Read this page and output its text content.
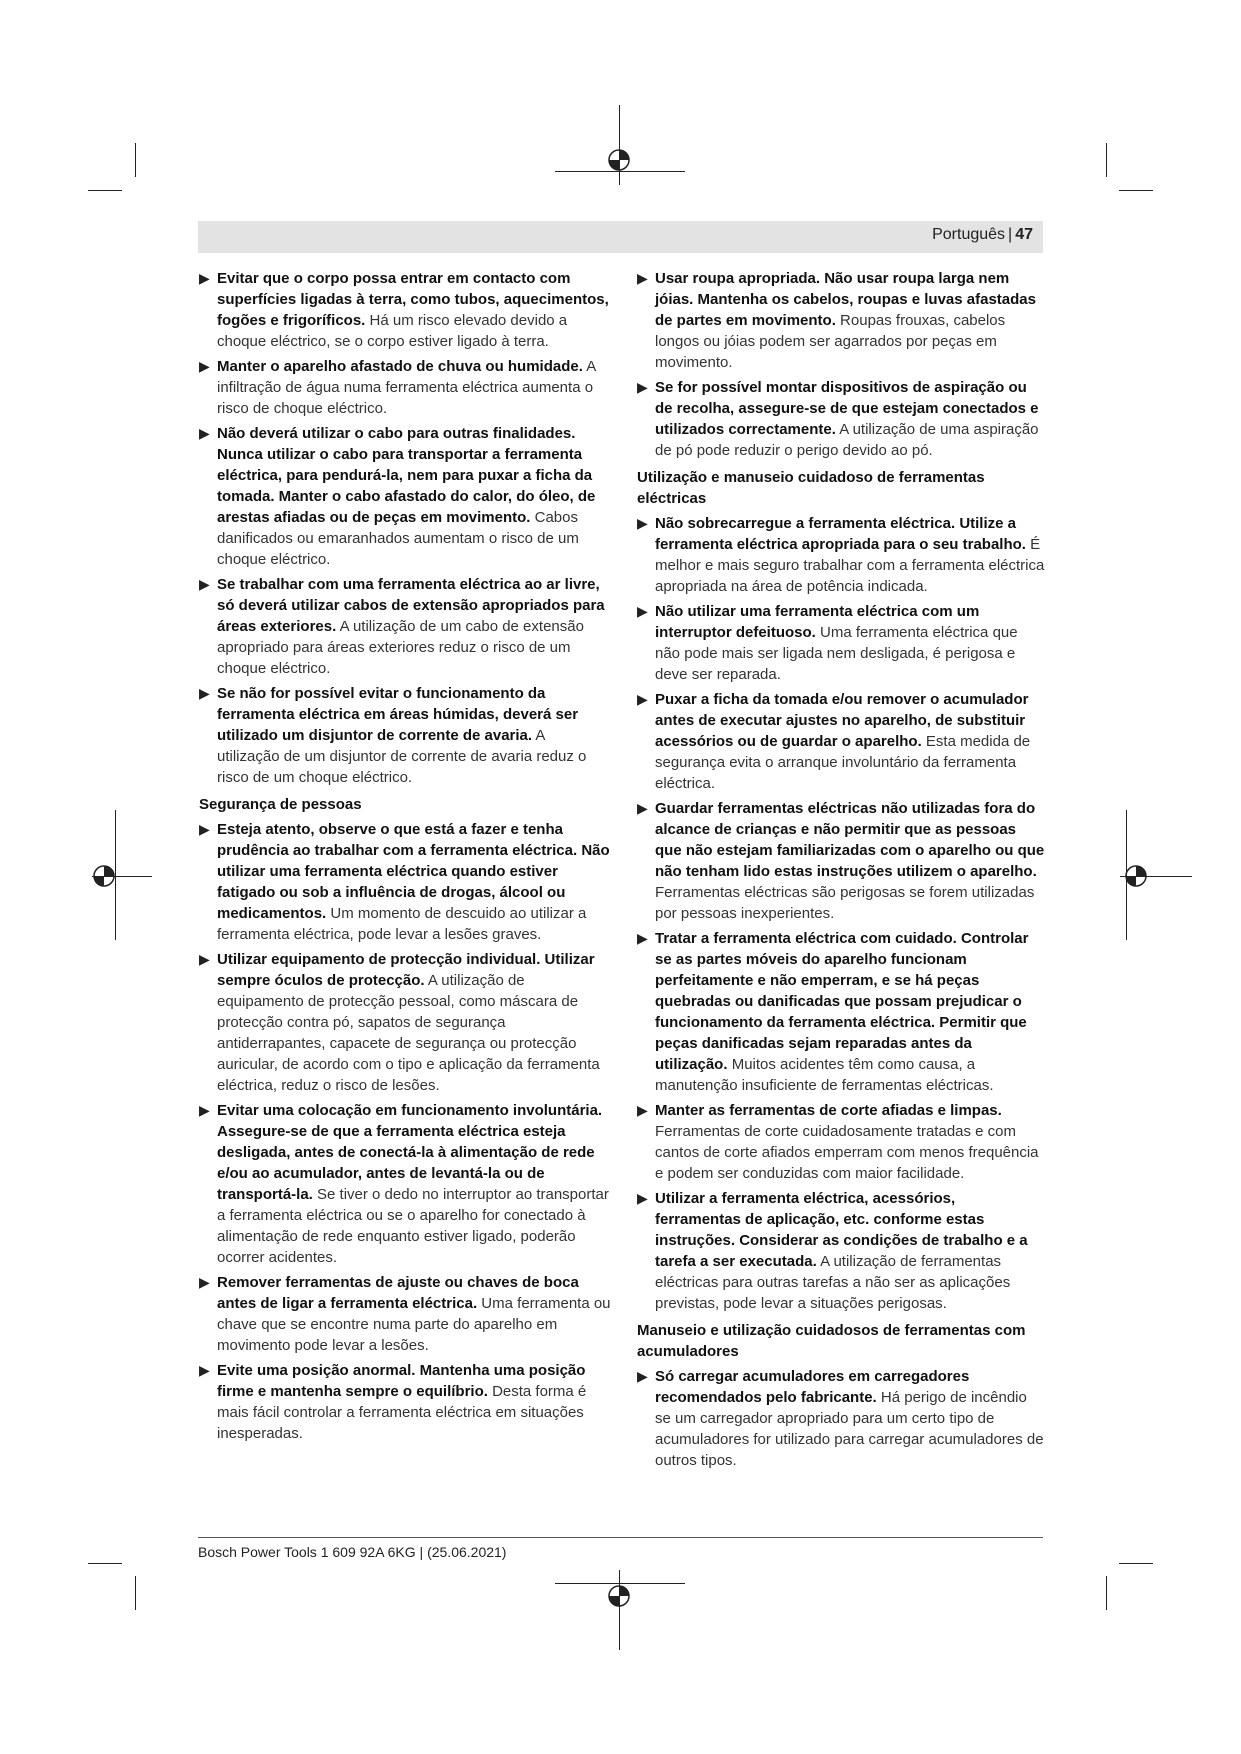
Português | 47
▶ Evitar que o corpo possa entrar em contacto com superfícies ligadas à terra, como tubos, aquecimentos, fogões e frigoríficos. Há um risco elevado devido a choque eléctrico, se o corpo estiver ligado à terra.
▶ Manter o aparelho afastado de chuva ou humidade. A infiltração de água numa ferramenta eléctrica aumenta o risco de choque eléctrico.
▶ Não deverá utilizar o cabo para outras finalidades. Nunca utilizar o cabo para transportar a ferramenta eléctrica, para pendurá-la, nem para puxar a ficha da tomada. Manter o cabo afastado do calor, do óleo, de arestas afiadas ou de peças em movimento. Cabos danificados ou emaranhados aumentam o risco de um choque eléctrico.
▶ Se trabalhar com uma ferramenta eléctrica ao ar livre, só deverá utilizar cabos de extensão apropriados para áreas exteriores. A utilização de um cabo de extensão apropriado para áreas exteriores reduz o risco de um choque eléctrico.
▶ Se não for possível evitar o funcionamento da ferramenta eléctrica em áreas húmidas, deverá ser utilizado um disjuntor de corrente de avaria. A utilização de um disjuntor de corrente de avaria reduz o risco de um choque eléctrico.
Segurança de pessoas
▶ Esteja atento, observe o que está a fazer e tenha prudência ao trabalhar com a ferramenta eléctrica. Não utilizar uma ferramenta eléctrica quando estiver fatigado ou sob a influência de drogas, álcool ou medicamentos. Um momento de descuido ao utilizar a ferramenta eléctrica, pode levar a lesões graves.
▶ Utilizar equipamento de protecção individual. Utilizar sempre óculos de protecção. A utilização de equipamento de protecção pessoal, como máscara de protecção contra pó, sapatos de segurança antiderrapantes, capacete de segurança ou protecção auricular, de acordo com o tipo e aplicação da ferramenta eléctrica, reduz o risco de lesões.
▶ Evitar uma colocação em funcionamento involuntária. Assegure-se de que a ferramenta eléctrica esteja desligada, antes de conectá-la à alimentação de rede e/ou ao acumulador, antes de levantá-la ou de transportá-la. Se tiver o dedo no interruptor ao transportar a ferramenta eléctrica ou se o aparelho for conectado à alimentação de rede enquanto estiver ligado, poderão ocorrer acidentes.
▶ Remover ferramentas de ajuste ou chaves de boca antes de ligar a ferramenta eléctrica. Uma ferramenta ou chave que se encontre numa parte do aparelho em movimento pode levar a lesões.
▶ Evite uma posição anormal. Mantenha uma posição firme e mantenha sempre o equilíbrio. Desta forma é mais fácil controlar a ferramenta eléctrica em situações inesperadas.
▶ Usar roupa apropriada. Não usar roupa larga nem jóias. Mantenha os cabelos, roupas e luvas afastadas de partes em movimento. Roupas frouxas, cabelos longos ou jóias podem ser agarrados por peças em movimento.
▶ Se for possível montar dispositivos de aspiração ou de recolha, assegure-se de que estejam conectados e utilizados correctamente. A utilização de uma aspiração de pó pode reduzir o perigo devido ao pó.
Utilização e manuseio cuidadoso de ferramentas eléctricas
▶ Não sobrecarregue a ferramenta eléctrica. Utilize a ferramenta eléctrica apropriada para o seu trabalho. É melhor e mais seguro trabalhar com a ferramenta eléctrica apropriada na área de potência indicada.
▶ Não utilizar uma ferramenta eléctrica com um interruptor defeituoso. Uma ferramenta eléctrica que não pode mais ser ligada nem desligada, é perigosa e deve ser reparada.
▶ Puxar a ficha da tomada e/ou remover o acumulador antes de executar ajustes no aparelho, de substituir acessórios ou de guardar o aparelho. Esta medida de segurança evita o arranque involuntário da ferramenta eléctrica.
▶ Guardar ferramentas eléctricas não utilizadas fora do alcance de crianças e não permitir que as pessoas que não estejam familiarizadas com o aparelho ou que não tenham lido estas instruções utilizem o aparelho. Ferramentas eléctricas são perigosas se forem utilizadas por pessoas inexperientes.
▶ Tratar a ferramenta eléctrica com cuidado. Controlar se as partes móveis do aparelho funcionam perfeitamente e não emperram, e se há peças quebradas ou danificadas que possam prejudicar o funcionamento da ferramenta eléctrica. Permitir que peças danificadas sejam reparadas antes da utilização. Muitos acidentes têm como causa, a manutenção insuficiente de ferramentas eléctricas.
▶ Manter as ferramentas de corte afiadas e limpas. Ferramentas de corte cuidadosamente tratadas e com cantos de corte afiados emperram com menos frequência e podem ser conduzidas com maior facilidade.
▶ Utilizar a ferramenta eléctrica, acessórios, ferramentas de aplicação, etc. conforme estas instruções. Considerar as condições de trabalho e a tarefa a ser executada. A utilização de ferramentas eléctricas para outras tarefas a não ser as aplicações previstas, pode levar a situações perigosas.
Manuseio e utilização cuidadosos de ferramentas com acumuladores
▶ Só carregar acumuladores em carregadores recomendados pelo fabricante. Há perigo de incêndio se um carregador apropriado para um certo tipo de acumuladores for utilizado para carregar acumuladores de outros tipos.
Bosch Power Tools 1 609 92A 6KG | (25.06.2021)
